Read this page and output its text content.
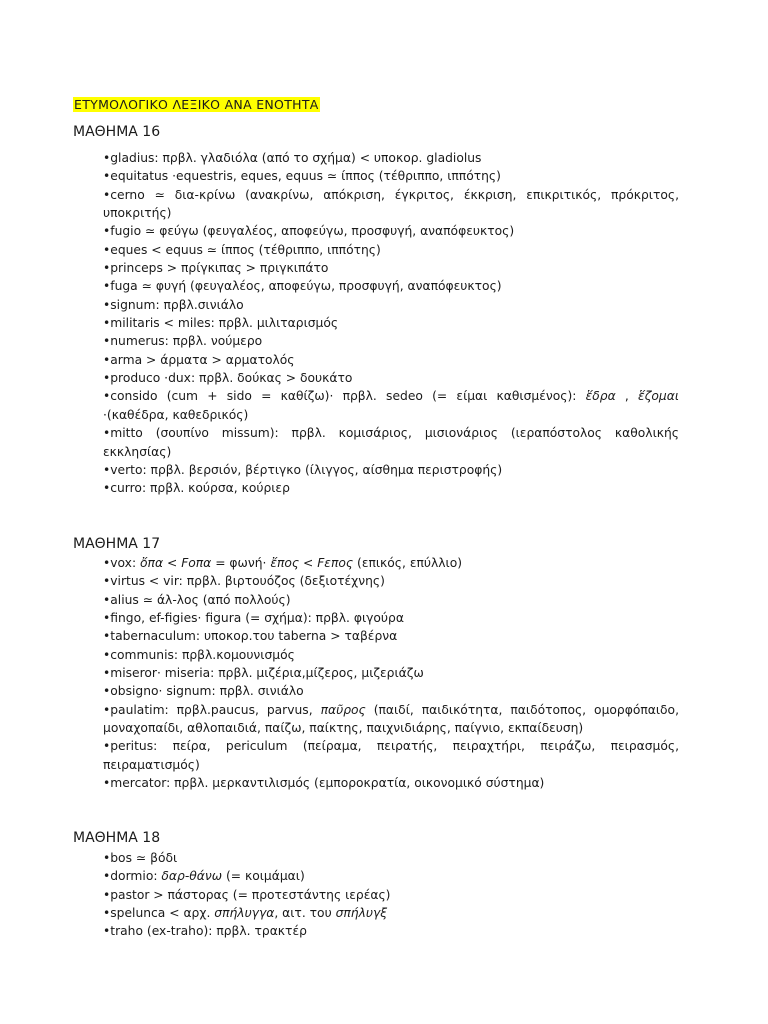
ΕΤΥΜΟΛΟΓΙΚΟ ΛΕΞΙΚΟ ΑΝΑ ΕΝΟΤΗΤΑ
ΜΑΘΗΜΑ 16

•gladius: πρβλ. γλαδιόλα (από το σχήμα) < υποκορ. gladiolus

•equitatus ·equestris, eques, equus ≃ ίππος (τέθριππο, ιππότης)

•cerno ≃ δια-κρίνω (ανακρίνω, απόκριση, έγκριτος, έκκριση, επικριτικός, πρόκριτος, υποκριτής)

•fugio ≃ φεύγω (φευγαλέος, αποφεύγω, προσφυγή, αναπόφευκτος)

•eques < equus ≃ ίππος (τέθριππο, ιππότης)

•princeps > πρίγκιπας > πριγκιπάτο

•fuga ≃ φυγή (φευγαλέος, αποφεύγω, προσφυγή, αναπόφευκτος)

•signum: πρβλ.σινιάλο

•militaris < miles: πρβλ. μιλιταρισμός

•numerus: πρβλ. νούμερο

•arma > άρματα > αρματολός

•produco ·dux: πρβλ. δούκας > δουκάτο

•consido (cum + sido = καθίζω)· πρβλ. sedeo (= είμαι καθισμένος): ἕδρα , ἕζομαι ·(καθέδρα, καθεδρικός)

•mitto (σουπίνο missum): πρβλ. κομισάριος, μισιονάριος (ιεραπόστολος καθολικής εκκλησίας)

•verto: πρβλ. βερσιόν, βέρτιγκο (ίλιγγος, αίσθημα περιστροφής)

•curro: πρβλ. κούρσα, κούριερ

ΜΑΘΗΜΑ 17

•vox: ὄπα < Fοπα = φωνή· ἔπος < Fεπος (επικός, επύλλιο)

•virtus < vir: πρβλ. βιρτουόζος (δεξιοτέχνης)

•alius ≃ άλ-λος (από πολλούς)

•fingo, ef-figies· figura (= σχήμα): πρβλ. φιγούρα

•tabernaculum: υποκορ.του taberna > ταβέρνα

•communis: πρβλ.κομουνισμός

•miseror· miseria: πρβλ. μιζέρια,μίζερος, μιζεριάζω

•obsigno· signum: πρβλ. σινιάλο

•paulatim: πρβλ.paucus, parvus, παῦρος (παιδί, παιδικότητα, παιδότοπος, ομορφόπαιδο, μοναχοπαίδι, αθλοπαιδιά, παίζω, παίκτης, παιχνιδιάρης, παίγνιο, εκπαίδευση)

•peritus: πείρα, periculum (πείραμα, πειρατής, πειραχτήρι, πειράζω, πειρασμός, πειραματισμός)

•mercator: πρβλ. μερκαντιλισμός (εμποροκρατία, οικονομικό σύστημα)

ΜΑΘΗΜΑ 18

•bos ≃ βόδι

•dormio: δαρ-θάνω (= κοιμάμαι)

•pastor > πάστορας (= προτεστάντης ιερέας)

•spelunca < αρχ. σπήλυγγα, αιτ. του σπήλυγξ

•traho (ex-traho): πρβλ. τρακτέρ
